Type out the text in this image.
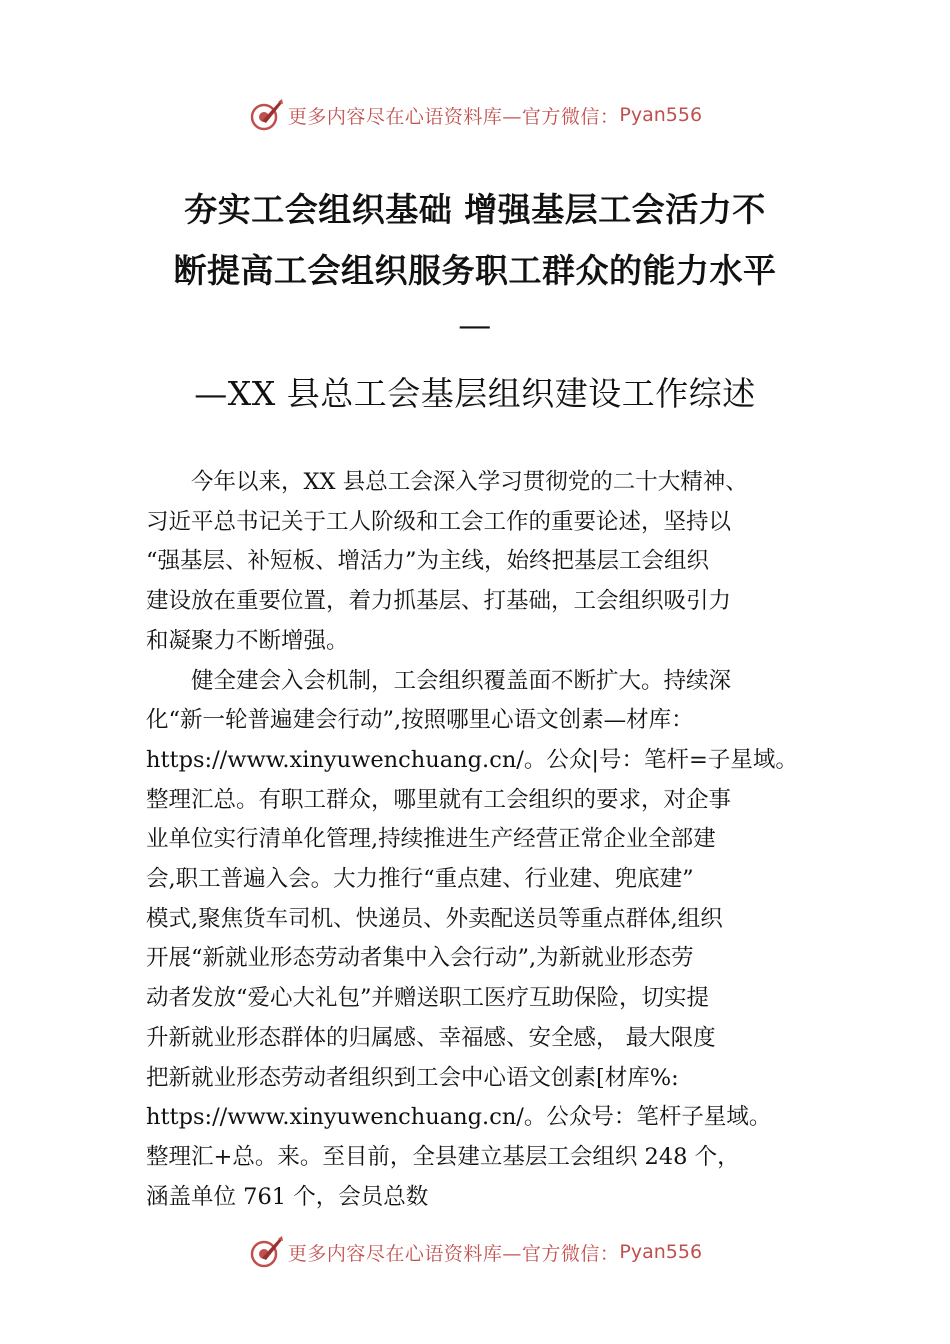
更多内容尽在心语资料库—官方微信： Pyan556
夯实工会组织基础 增强基层工会活力不
断提高工会组织服务职工群众的能力水平
—
—XX 县总工会基层组织建设工作综述

今年以来，XX 县总工会深入学习贯彻党的二十大精神、

习近平总书记关于工人阶级和工会工作的重要论述，坚持以

“强基层、补短板、增活力”为主线，始终把基层工会组织

建设放在重要位置，着力抓基层、打基础，工会组织吸引力

和凝聚力不断增强。

健全建会入会机制，工会组织覆盖面不断扩大。持续深

化“新一轮普遍建会行动”,按照哪里心语文创素—材库：

https://www.xinyuwenchuang.cn/。公众|号：笔杆=子星域。

整理汇总。有职工群众，哪里就有工会组织的要求，对企事

业单位实行清单化管理,持续推进生产经营正常企业全部建

会,职工普遍入会。大力推行“重点建、行业建、兜底建”

模式,聚焦货车司机、快递员、外卖配送员等重点群体,组织

开展“新就业形态劳动者集中入会行动”,为新就业形态劳

动者发放“爱心大礼包”并赠送职工医疗互助保险，切实提

升新就业形态群体的归属感、幸福感、安全感， 最大限度

把新就业形态劳动者组织到工会中心语文创素[材库%:

https://www.xinyuwenchuang.cn/。公众号：笔杆子星域。

整理汇+总。来。至目前，全县建立基层工会组织 248 个，

涵盖单位 761 个，会员总数

更多内容尽在心语资料库—官方微信： Pyan556
